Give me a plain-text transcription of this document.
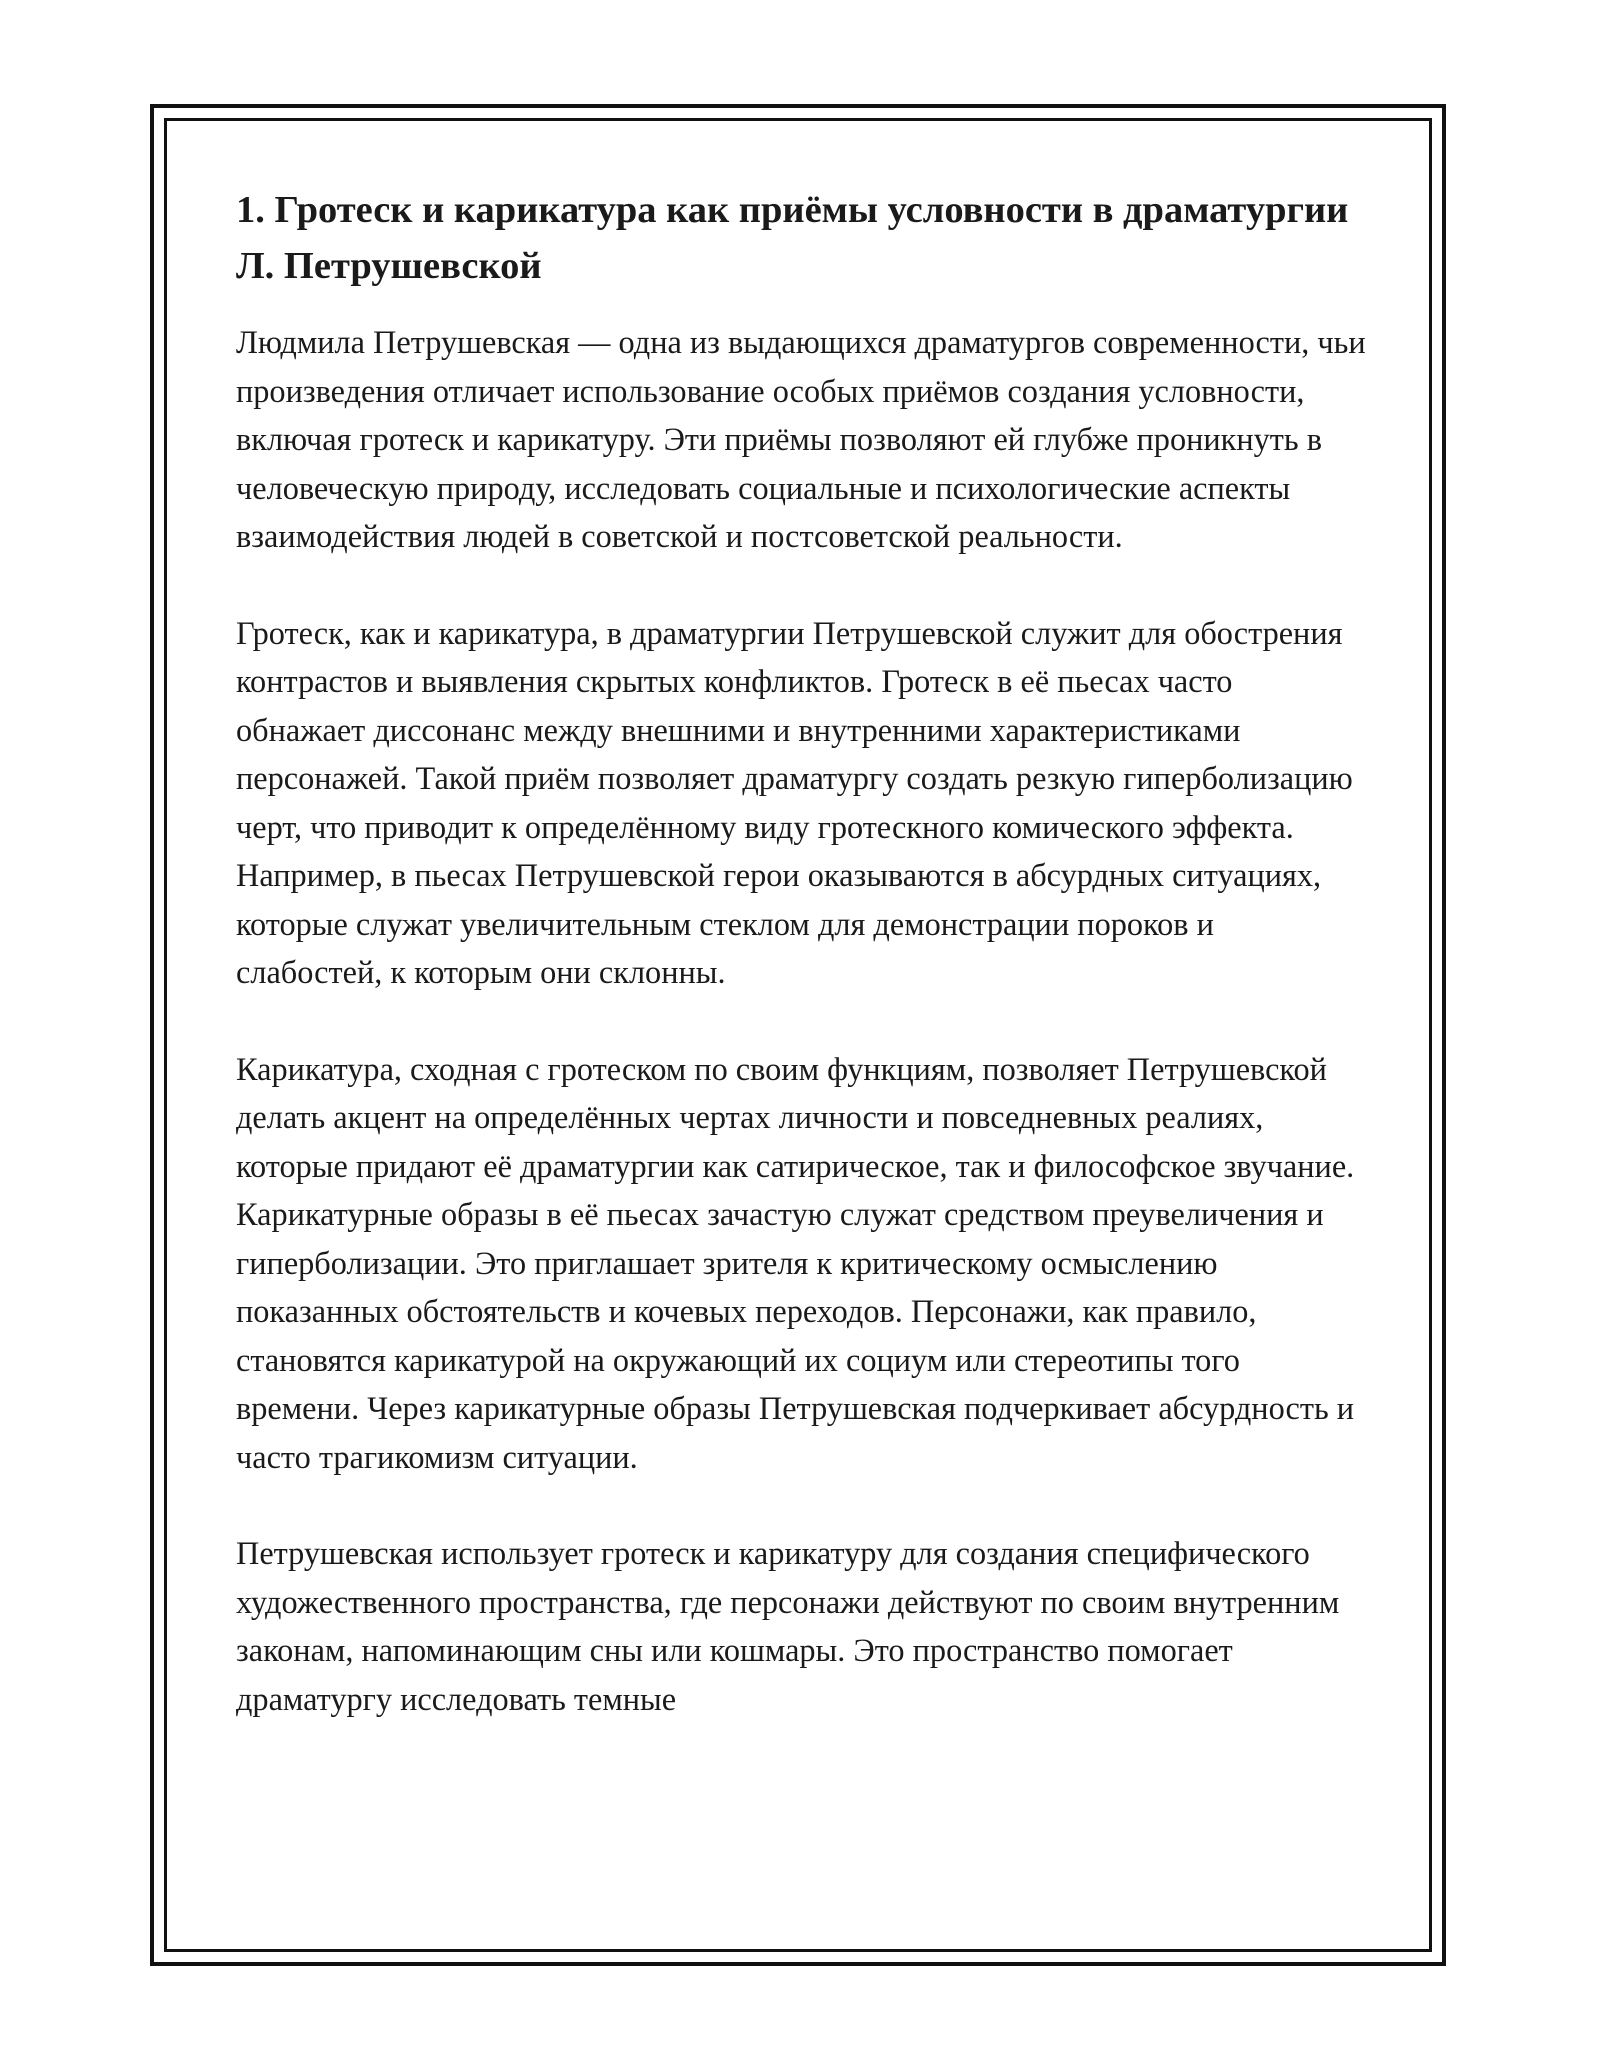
1. Гротеск и карикатура как приёмы условности в драматургии Л. Петрушевской

Людмила Петрушевская — одна из выдающихся драматургов современности, чьи произведения отличает использование особых приёмов создания условности, включая гротеск и карикатуру. Эти приёмы позволяют ей глубже проникнуть в человеческую природу, исследовать социальные и психологические аспекты взаимодействия людей в советской и постсоветской реальности.

Гротеск, как и карикатура, в драматургии Петрушевской служит для обострения контрастов и выявления скрытых конфликтов. Гротеск в её пьесах часто обнажает диссонанс между внешними и внутренними характеристиками персонажей. Такой приём позволяет драматургу создать резкую гиперболизацию черт, что приводит к определённому виду гротескного комического эффекта. Например, в пьесах Петрушевской герои оказываются в абсурдных ситуациях, которые служат увеличительным стеклом для демонстрации пороков и слабостей, к которым они склонны.

Карикатура, сходная с гротеском по своим функциям, позволяет Петрушевской делать акцент на определённых чертах личности и повседневных реалиях, которые придают её драматургии как сатирическое, так и философское звучание. Карикатурные образы в её пьесах зачастую служат средством преувеличения и гиперболизации. Это приглашает зрителя к критическому осмыслению показанных обстоятельств и кочевых переходов. Персонажи, как правило, становятся карикатурой на окружающий их социум или стереотипы того времени. Через карикатурные образы Петрушевская подчеркивает абсурдность и часто трагикомизм ситуации.

Петрушевская использует гротеск и карикатуру для создания специфического художественного пространства, где персонажи действуют по своим внутренним законам, напоминающим сны или кошмары. Это пространство помогает драматургу исследовать темные
